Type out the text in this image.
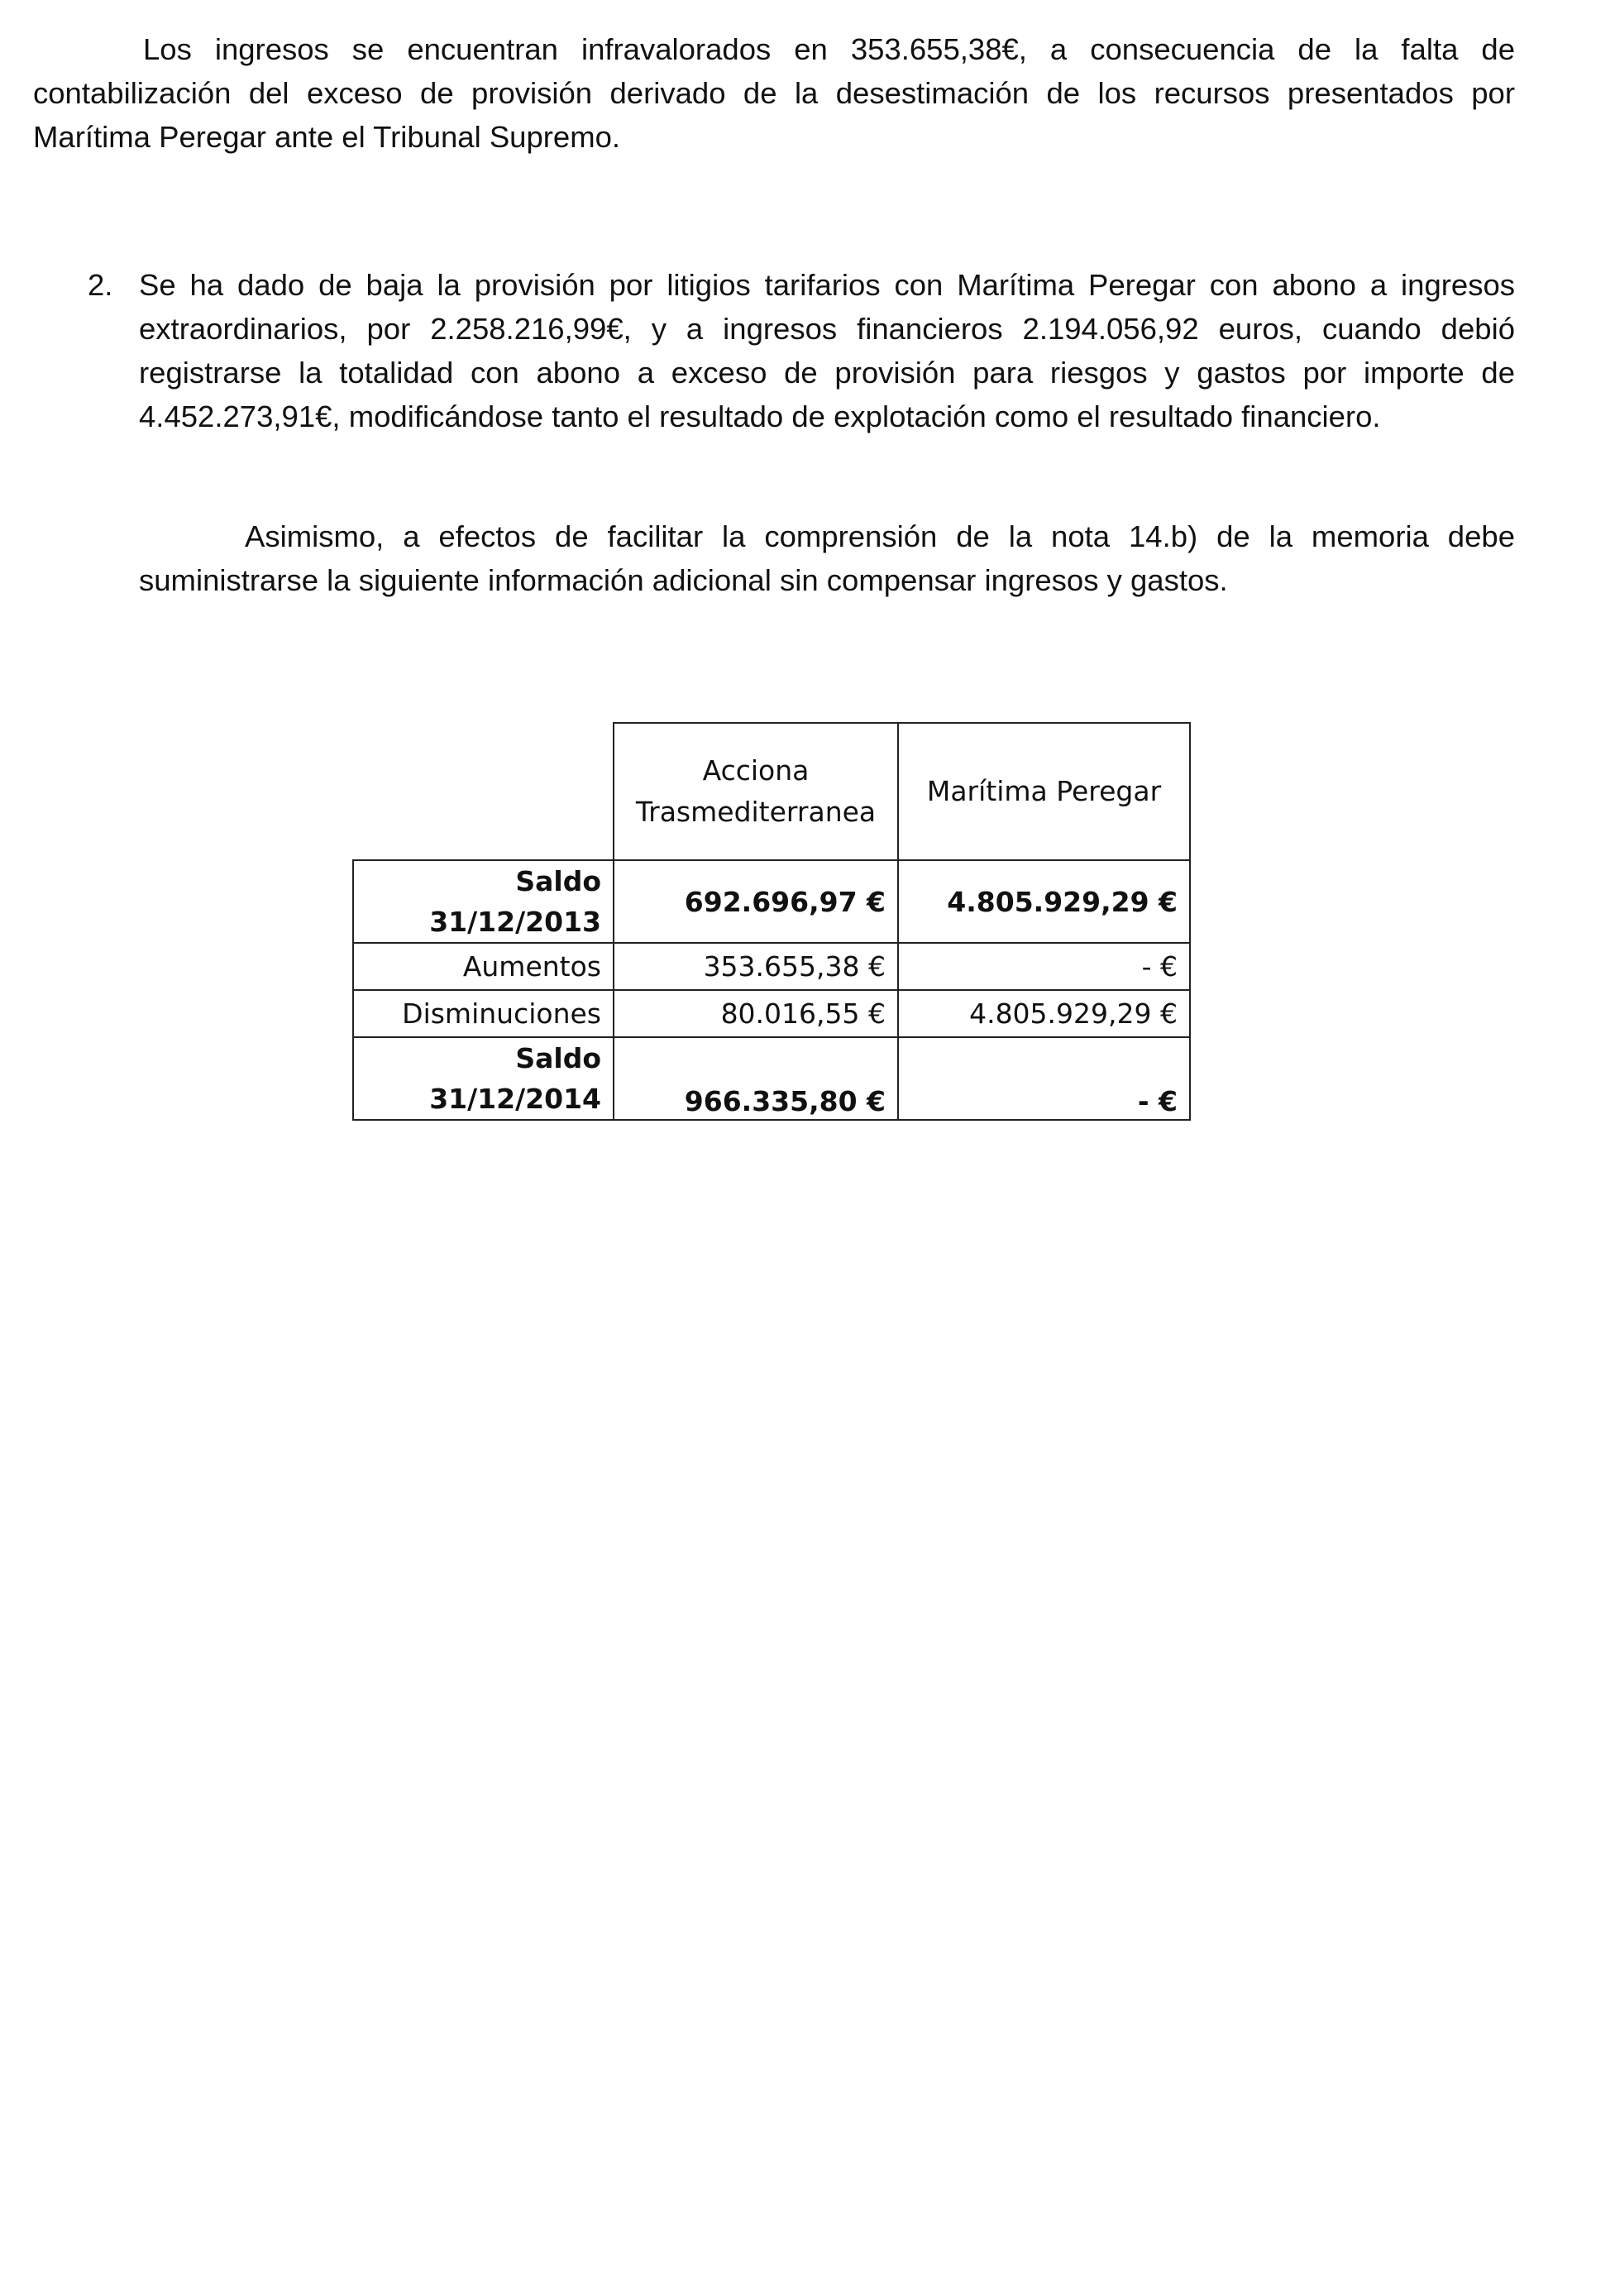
Los ingresos se encuentran infravalorados en 353.655,38€, a consecuencia de la falta de contabilización del exceso de provisión derivado de la desestimación de los recursos presentados por Marítima Peregar ante el Tribunal Supremo.

2. Se ha dado de baja la provisión por litigios tarifarios con Marítima Peregar con abono a ingresos extraordinarios, por 2.258.216,99€, y a ingresos financieros 2.194.056,92 euros, cuando debió registrarse la totalidad con abono a exceso de provisión para riesgos y gastos por importe de 4.452.273,91€, modificándose tanto el resultado de explotación como el resultado financiero.

Asimismo, a efectos de facilitar la comprensión de la nota 14.b) de la memoria debe suministrarse la siguiente información adicional sin compensar ingresos y gastos.

	Acciona Trasmediterranea	Marítima Peregar
Saldo 31/12/2013	692.696,97 €	4.805.929,29 €
Aumentos	353.655,38 €	- €
Disminuciones	80.016,55 €	4.805.929,29 €
Saldo 31/12/2014	966.335,80 €	- €
